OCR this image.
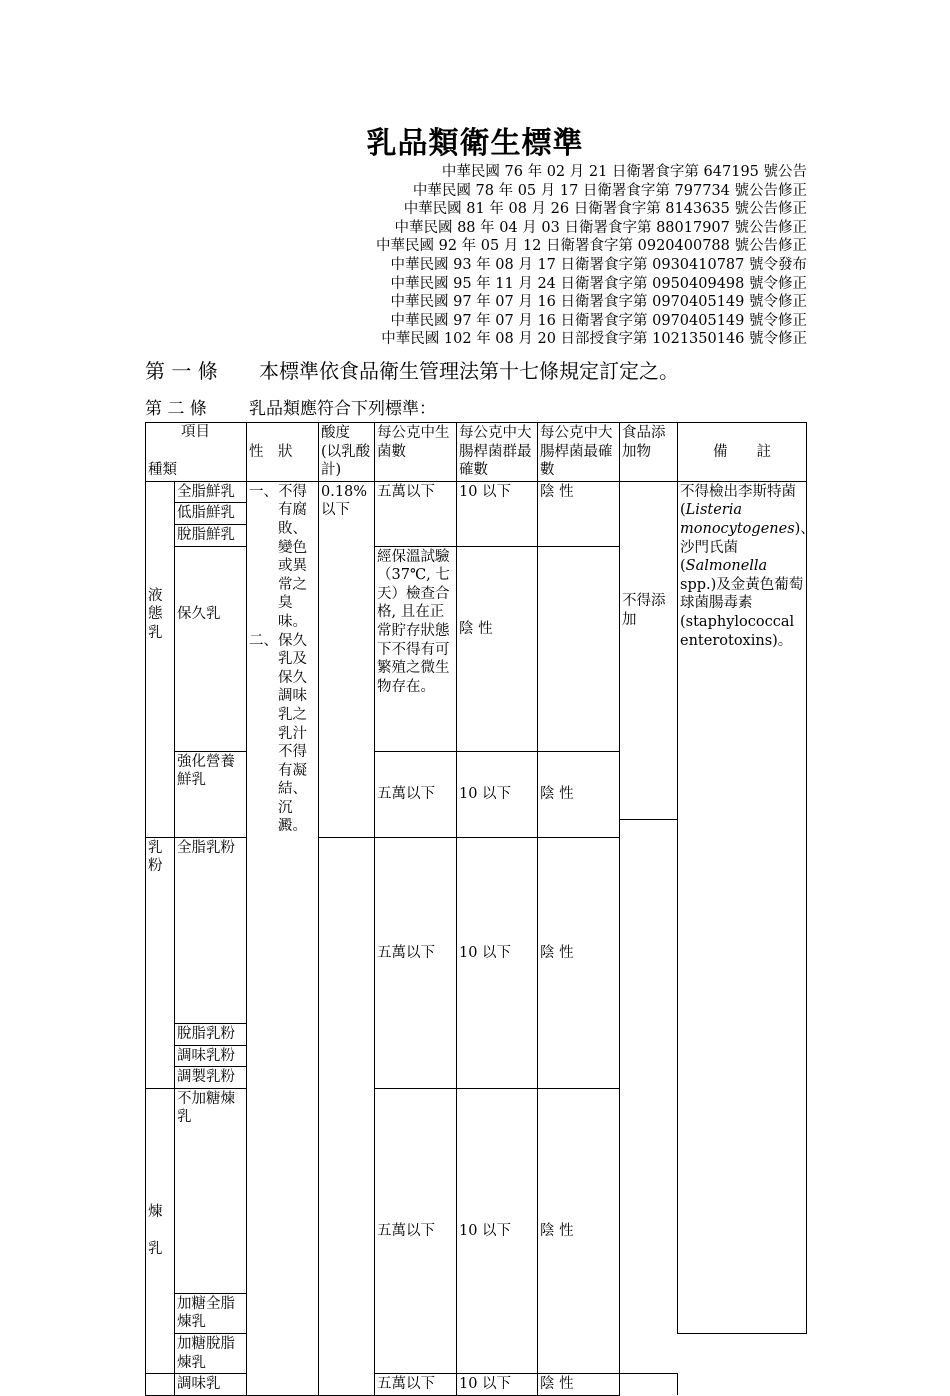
乳品類衛生標準
中華民國 76 年 02 月 21 日衛署食字第 647195 號公告
中華民國 78 年 05 月 17 日衛署食字第 797734 號公告修正
中華民國 81 年 08 月 26 日衛署食字第 8143635 號公告修正
中華民國 88 年 04 月 03 日衛署食字第 88017907 號公告修正
中華民國 92 年 05 月 12 日衛署食字第 0920400788 號公告修正
中華民國 93 年 08 月 17 日衛署食字第 0930410787 號令發布
中華民國 95 年 11 月 24 日衛署食字第 0950409498 號令修正
中華民國 97 年 07 月 16 日衛署食字第 0970405149 號令修正
中華民國 97 年 07 月 16 日衛署食字第 0970405149 號令修正
中華民國 102 年 08 月 20 日部授食字第 1021350146 號令修正
第 一 條 本標準依食品衛生管理法第十七條規定訂定之。
第 二 條 乳品類應符合下列標準：
項目
種類		性　狀	酸度 (以乳酸計)	每公克中生菌數	每公克中大腸桿菌群最確數	每公克中大腸桿菌最確數	食品添加物	備　　註	
液態乳	全脂鮮乳	一、 不得有腐敗、變色或異常之臭味。
二、 保久乳及保久調味乳之乳汁不得有凝結、沉澱。	0.18% 以下	五萬以下	10 以下	陰 性	不得添加	不得檢出李斯特菌(Listeria monocytogenes)、沙門氏菌(Salmonella spp.)及金黃色葡萄球菌腸毒素(staphylococcal enterotoxins)。	
	低脂鮮乳								
	脫脂鮮乳								
	保久乳			經保溫試驗（37℃, 七天）檢查合格, 且在正常貯存狀態下不得有可繁殖之微生物存在。	陰 性				
	強化營養鮮乳			五萬以下	10 以下	陰 性	

乳粉	全脂乳粉			五萬以下	10 以下	陰 性			
	脫脂乳粉								
	調味乳粉								
	調製乳粉								

煉
乳	不加糖煉乳			五萬以下	10 以下	陰 性			
	加糖全脂煉乳								
	加糖脫脂煉乳								
	調味乳			五萬以下	10 以下	陰 性			
